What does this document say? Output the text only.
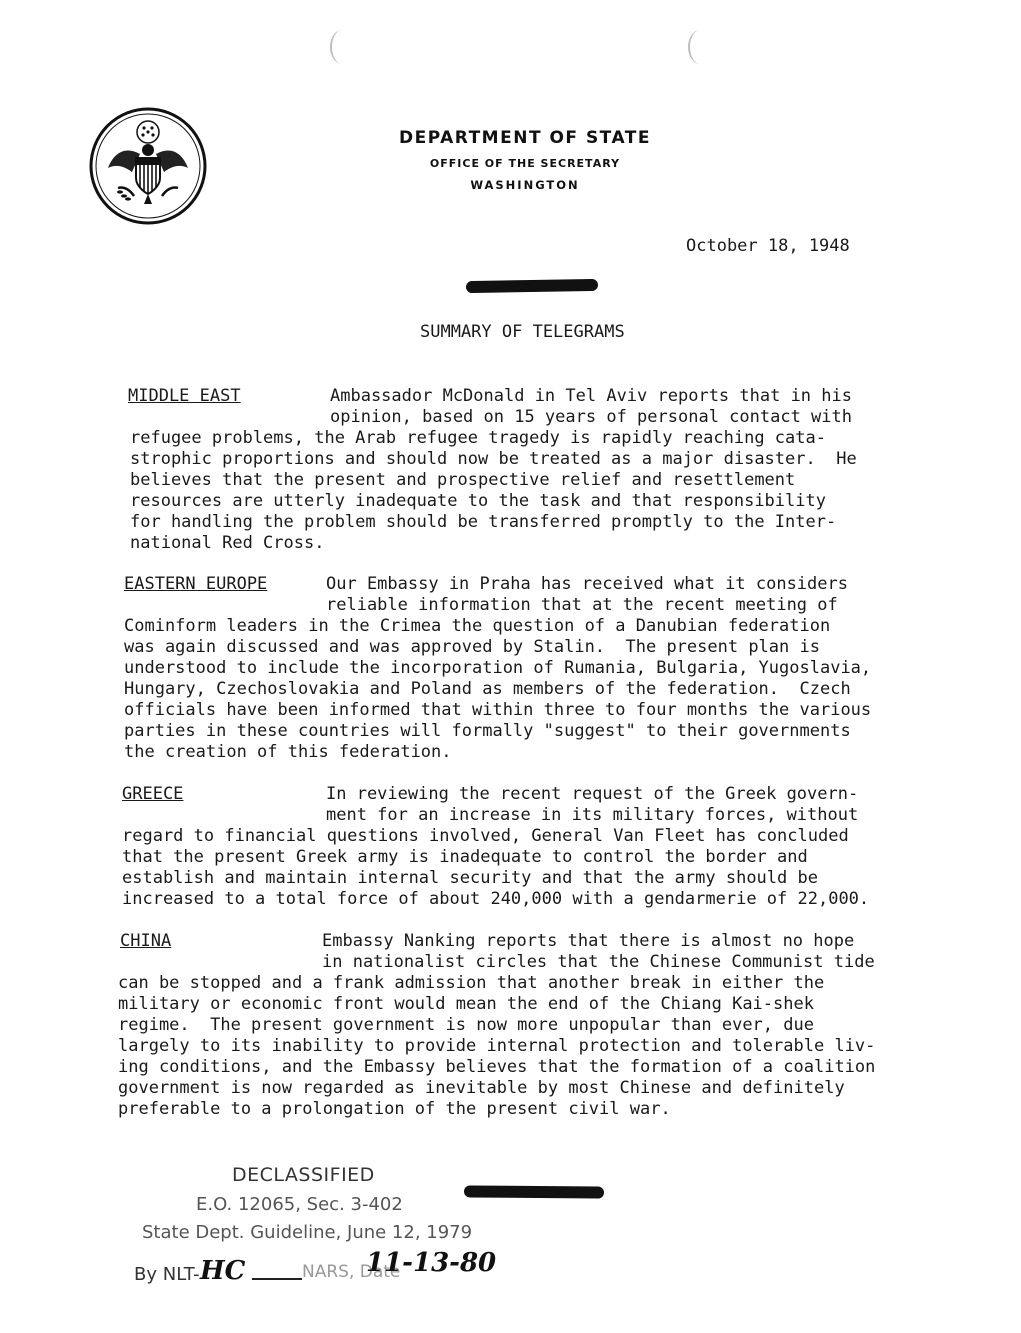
DEPARTMENT OF STATE
OFFICE OF THE SECRETARY
WASHINGTON
October 18, 1948
SUMMARY OF TELEGRAMS
MIDDLE EAST	Ambassador McDonald in Tel Aviv reports that in his
opinion, based on 15 years of personal contact with
refugee problems, the Arab refugee tragedy is rapidly reaching cata-
strophic proportions and should now be treated as a major disaster.  He
believes that the present and prospective relief and resettlement
resources are utterly inadequate to the task and that responsibility
for handling the problem should be transferred promptly to the Inter-
national Red Cross.
EASTERN EUROPE	Our Embassy in Praha has received what it considers
reliable information that at the recent meeting of
Cominform leaders in the Crimea the question of a Danubian federation
was again discussed and was approved by Stalin.  The present plan is
understood to include the incorporation of Rumania, Bulgaria, Yugoslavia,
Hungary, Czechoslovakia and Poland as members of the federation.  Czech
officials have been informed that within three to four months the various
parties in these countries will formally "suggest" to their governments
the creation of this federation.
GREECE	In reviewing the recent request of the Greek govern-
ment for an increase in its military forces, without
regard to financial questions involved, General Van Fleet has concluded
that the present Greek army is inadequate to control the border and
establish and maintain internal security and that the army should be
increased to a total force of about 240,000 with a gendarmerie of 22,000.
CHINA	Embassy Nanking reports that there is almost no hope
in nationalist circles that the Chinese Communist tide
can be stopped and a frank admission that another break in either the
military or economic front would mean the end of the Chiang Kai-shek
regime.  The present government is now more unpopular than ever, due
largely to its inability to provide internal protection and tolerable liv-
ing conditions, and the Embassy believes that the formation of a coalition
government is now regarded as inevitable by most Chinese and definitely
preferable to a prolongation of the present civil war.
DECLASSIFIED
E.O. 12065, Sec. 3-402
State Dept. Guideline, June 12, 1979
By NLT- HC	NARS, Date
11-13-80
